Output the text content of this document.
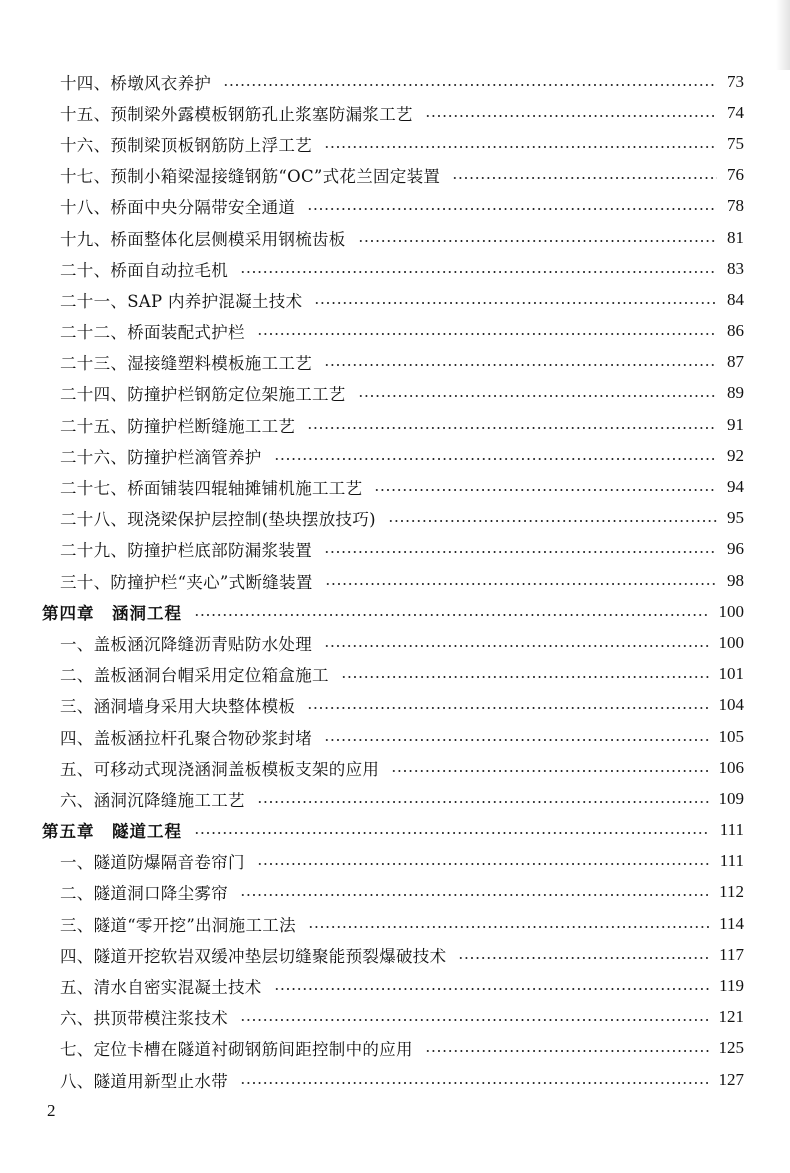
十四、桥墩风衣养护	73
十五、预制梁外露模板钢筋孔止浆塞防漏浆工艺	74
十六、预制梁顶板钢筋防上浮工艺	75
十七、预制小箱梁湿接缝钢筋“OC”式花兰固定装置	76
十八、桥面中央分隔带安全通道	78
十九、桥面整体化层侧模采用钢梳齿板	81
二十、桥面自动拉毛机	83
二十一、SAP 内养护混凝土技术	84
二十二、桥面装配式护栏	86
二十三、湿接缝塑料模板施工工艺	87
二十四、防撞护栏钢筋定位架施工工艺	89
二十五、防撞护栏断缝施工工艺	91
二十六、防撞护栏滴管养护	92
二十七、桥面铺装四辊轴摊铺机施工工艺	94
二十八、现浇梁保护层控制(垫块摆放技巧)	95
二十九、防撞护栏底部防漏浆装置	96
三十、防撞护栏“夹心”式断缝装置	98
第四章　涵洞工程	100
一、盖板涵沉降缝沥青贴防水处理	100
二、盖板涵洞台帽采用定位箱盒施工	101
三、涵洞墙身采用大块整体模板	104
四、盖板涵拉杆孔聚合物砂浆封堵	105
五、可移动式现浇涵洞盖板模板支架的应用	106
六、涵洞沉降缝施工工艺	109
第五章　隧道工程	111
一、隧道防爆隔音卷帘门	111
二、隧道洞口降尘雾帘	112
三、隧道“零开挖”出洞施工工法	114
四、隧道开挖软岩双缓冲垫层切缝聚能预裂爆破技术	117
五、清水自密实混凝土技术	119
六、拱顶带模注浆技术	121
七、定位卡槽在隧道衬砌钢筋间距控制中的应用	125
八、隧道用新型止水带	127
2
